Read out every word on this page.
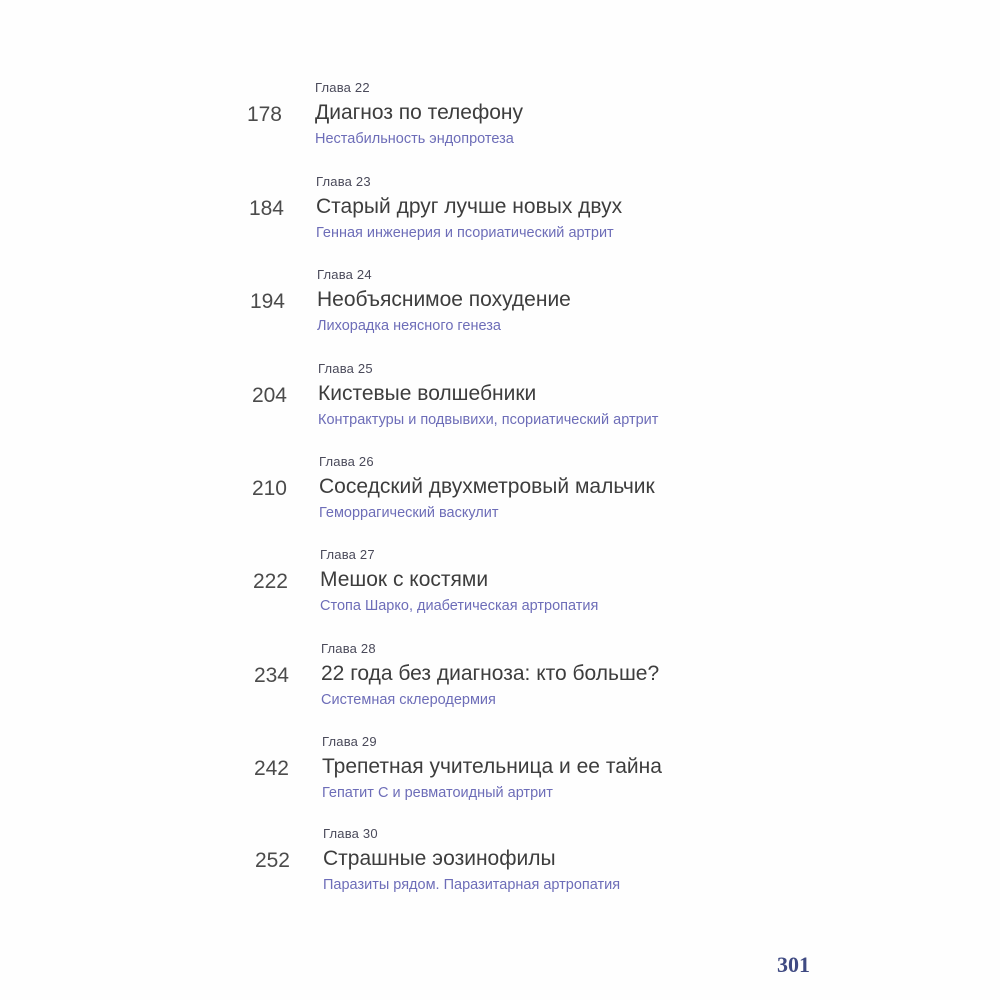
Глава 22
178 Диагноз по телефону
Нестабильность эндопротеза
Глава 23
184 Старый друг лучше новых двух
Генная инженерия и псориатический артрит
Глава 24
194 Необъяснимое похудение
Лихорадка неясного генеза
Глава 25
204 Кистевые волшебники
Контрактуры и подвывихи, псориатический артрит
Глава 26
210 Соседский двухметровый мальчик
Геморрагический васкулит
Глава 27
222 Мешок с костями
Стопа Шарко, диабетическая артропатия
Глава 28
234 22 года без диагноза: кто больше?
Системная склеродермия
Глава 29
242 Трепетная учительница и ее тайна
Гепатит С и ревматоидный артрит
Глава 30
252 Страшные эозинофилы
Паразиты рядом. Паразитарная артропатия
301
